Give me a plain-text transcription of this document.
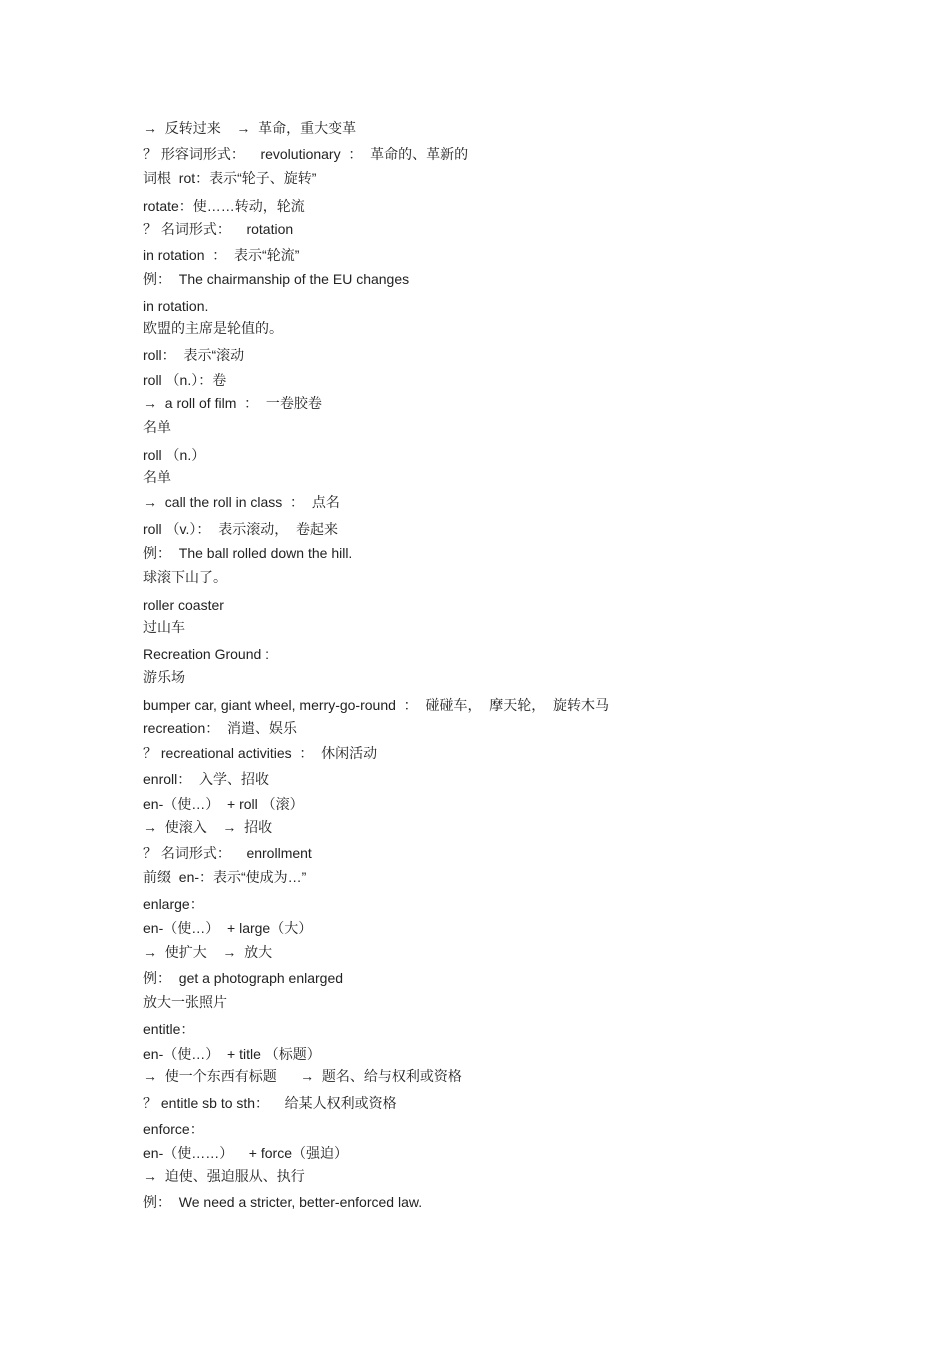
→  反转过来    →  革命，重大变革
？ 形容词形式：    revolutionary  ：  革命的、革新的
词根  rot：表示“轮子、旋转”
rotate：使……转动，轮流
？ 名词形式：    rotation
in rotation  ：  表示“轮流”
例：  The chairmanship of the EU changes
in rotation.
欧盟的主席是轮值的。
roll：  表示“滚动
roll （n.）：卷
→  a roll of film  ：  一卷胶卷
名单
roll （n.）
名单
→  call the roll in class  ：  点名
roll （v.）：  表示滚动，  卷起来
例：  The ball rolled down the hill.
球滚下山了。
roller coaster
过山车
Recreation Ground :
游乐场
bumper car, giant wheel, merry-go-round  ：  碰碰车，  摩天轮，  旋转木马
recreation：  消遣、娱乐
？ recreational activities  ：  休闲活动
enroll：  入学、招收
en-（使…）  + roll （滚）
→  使滚入    →  招收
？ 名词形式：    enrollment
前缀  en-：表示“使成为…”
enlarge：
en-（使…）  + large（大）
→  使扩大    →  放大
例：  get a photograph enlarged
放大一张照片
entitle：
en-（使…）  + title （标题）
→  使一个东西有标题      →  题名、给与权利或资格
？ entitle sb to sth：    给某人权利或资格
enforce：
en-（使……）    + force（强迫）
→  迫使、强迫服从、执行
例：  We need a stricter, better-enforced law.
